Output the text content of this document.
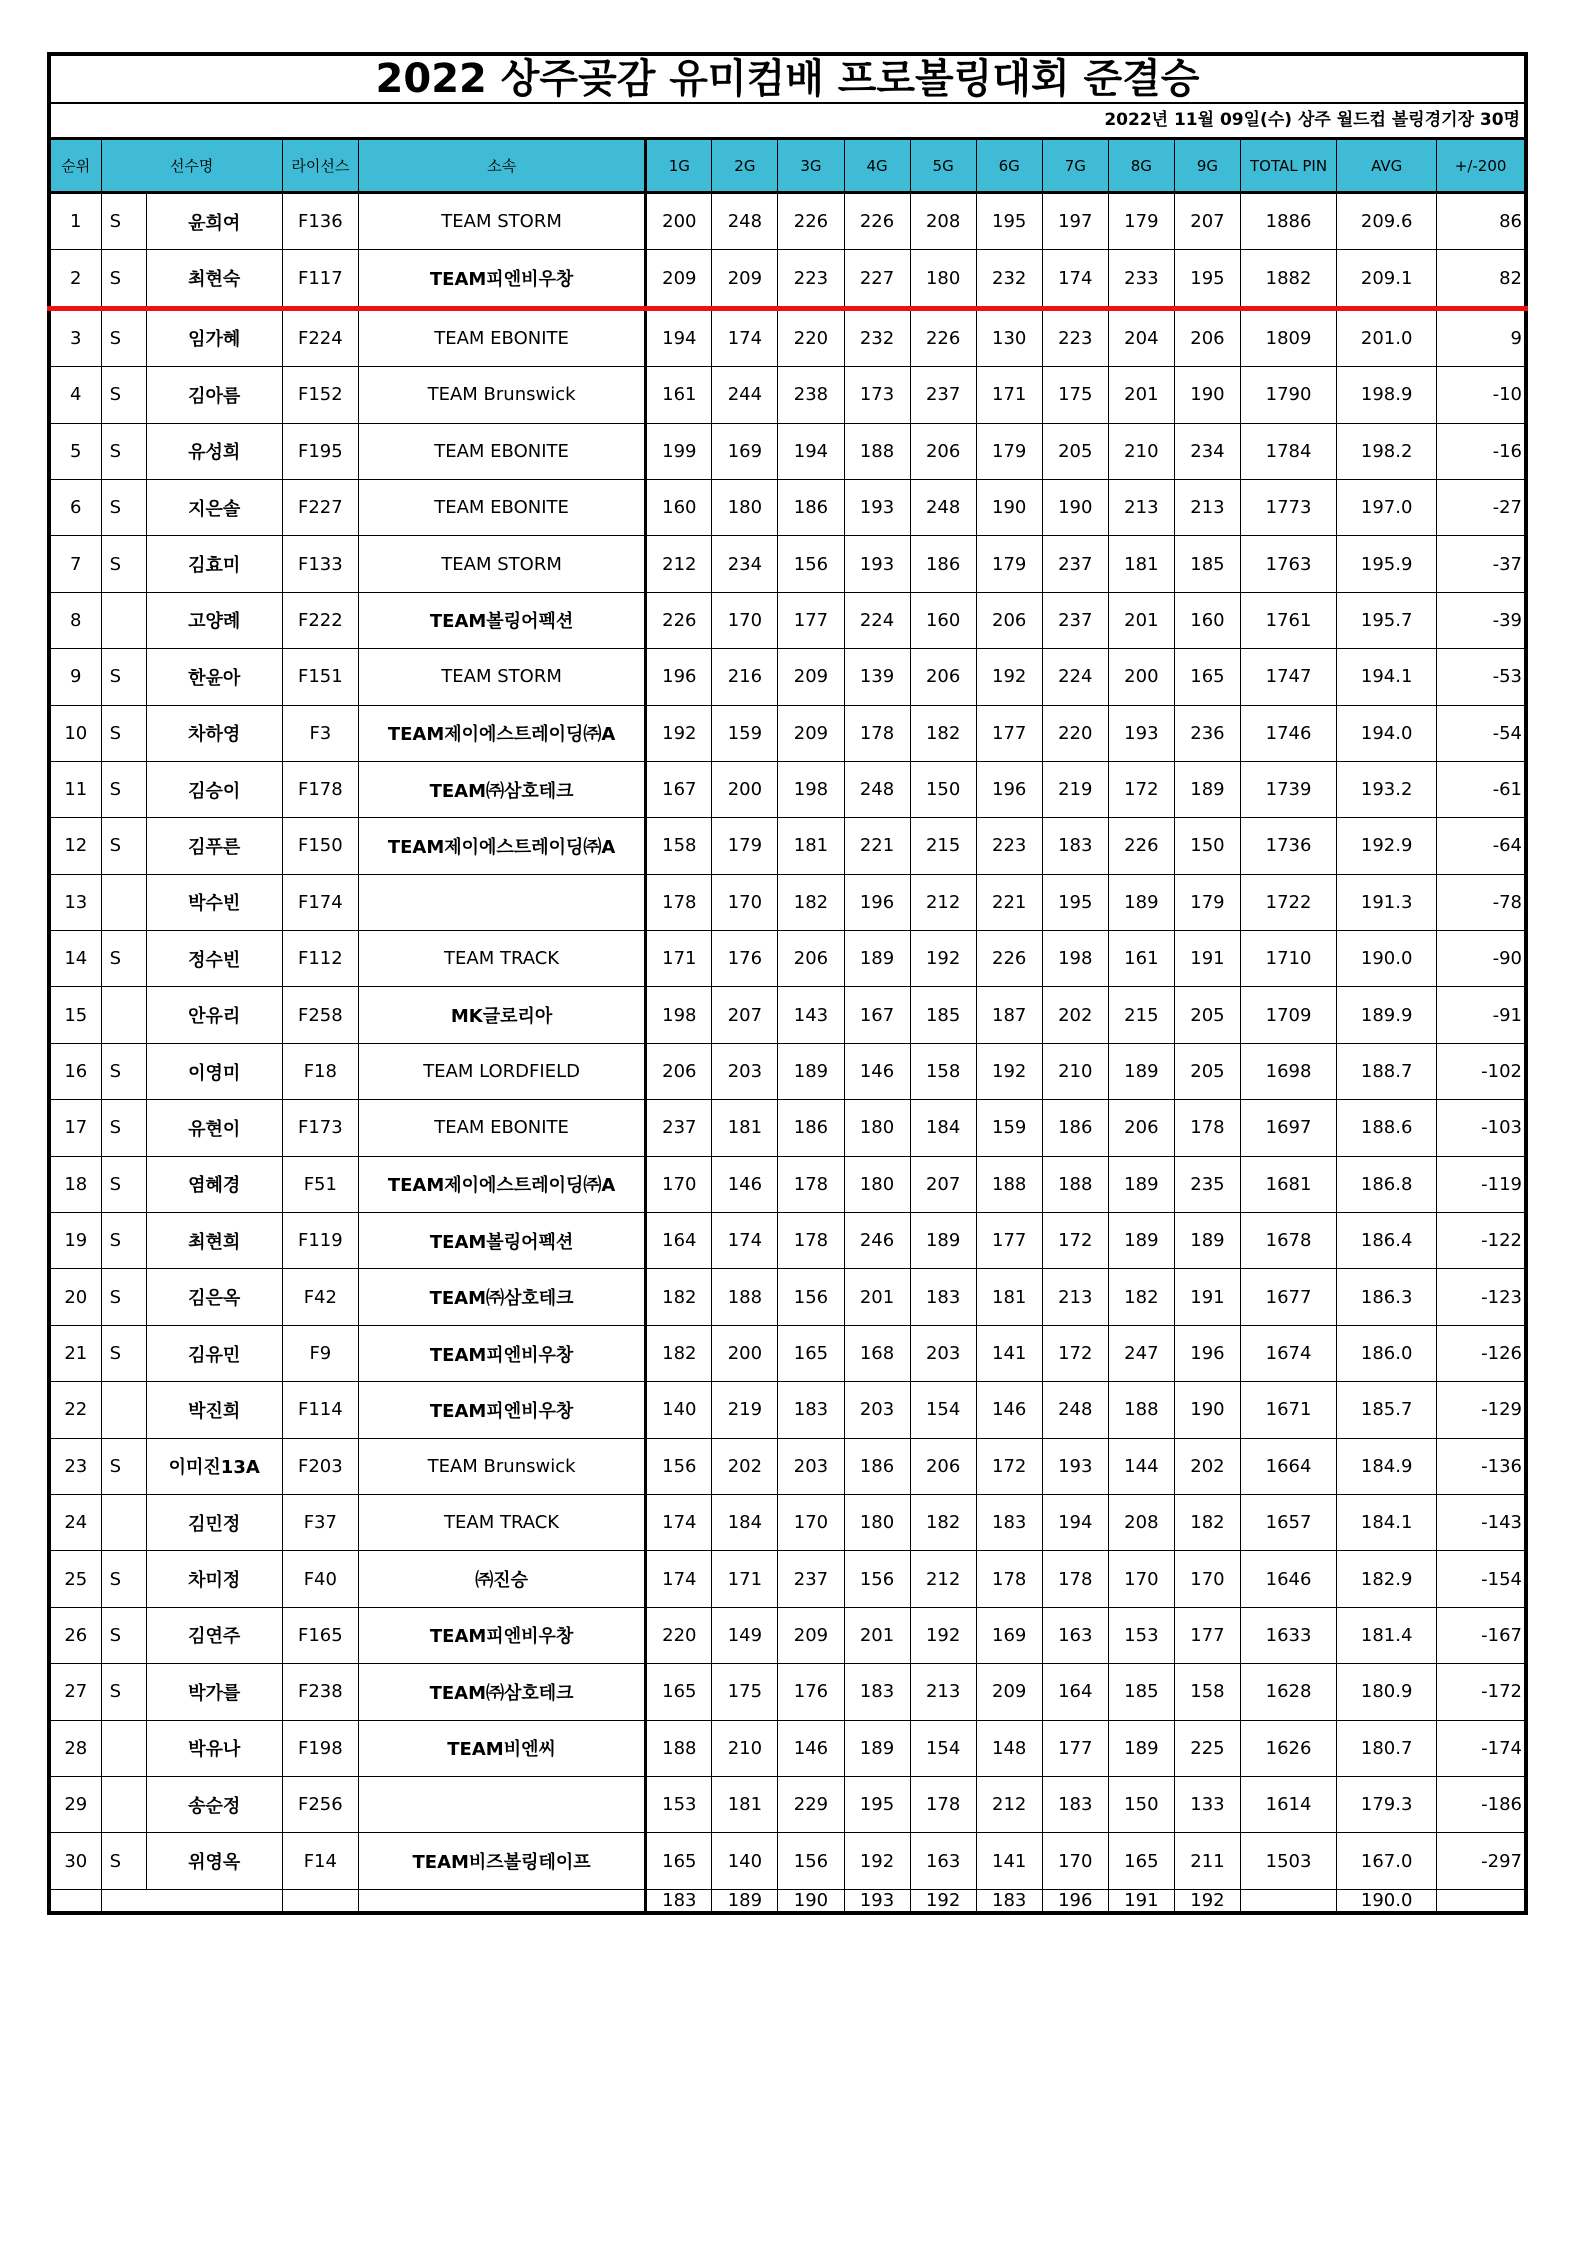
2022 상주곶감 유미컴배 프로볼링대회 준결승
2022년 11월 09일(수) 상주 월드컵 볼링경기장 30명
순위	선수명		라이선스	소속	1G	2G	3G	4G	5G	6G	7G	8G	9G	TOTAL PIN	AVG	+/-200
1	S	윤희여	F136	TEAM STORM	200	248	226	226	208	195	197	179	207	1886	209.6	86
2	S	최현숙	F117	TEAM피엔비우창	209	209	223	227	180	232	174	233	195	1882	209.1	82
3	S	임가혜	F224	TEAM EBONITE	194	174	220	232	226	130	223	204	206	1809	201.0	9
4	S	김아름	F152	TEAM Brunswick	161	244	238	173	237	171	175	201	190	1790	198.9	-10
5	S	유성희	F195	TEAM EBONITE	199	169	194	188	206	179	205	210	234	1784	198.2	-16
6	S	지은솔	F227	TEAM EBONITE	160	180	186	193	248	190	190	213	213	1773	197.0	-27
7	S	김효미	F133	TEAM STORM	212	234	156	193	186	179	237	181	185	1763	195.9	-37
8		고양례	F222	TEAM볼링어펙션	226	170	177	224	160	206	237	201	160	1761	195.7	-39
9	S	한윤아	F151	TEAM STORM	196	216	209	139	206	192	224	200	165	1747	194.1	-53
10	S	차하영	F3	TEAM제이에스트레이딩㈜A	192	159	209	178	182	177	220	193	236	1746	194.0	-54
11	S	김승이	F178	TEAM㈜삼호테크	167	200	198	248	150	196	219	172	189	1739	193.2	-61
12	S	김푸른	F150	TEAM제이에스트레이딩㈜A	158	179	181	221	215	223	183	226	150	1736	192.9	-64
13		박수빈	F174		178	170	182	196	212	221	195	189	179	1722	191.3	-78
14	S	정수빈	F112	TEAM TRACK	171	176	206	189	192	226	198	161	191	1710	190.0	-90
15		안유리	F258	MK글로리아	198	207	143	167	185	187	202	215	205	1709	189.9	-91
16	S	이영미	F18	TEAM LORDFIELD	206	203	189	146	158	192	210	189	205	1698	188.7	-102
17	S	유현이	F173	TEAM EBONITE	237	181	186	180	184	159	186	206	178	1697	188.6	-103
18	S	염혜경	F51	TEAM제이에스트레이딩㈜A	170	146	178	180	207	188	188	189	235	1681	186.8	-119
19	S	최현희	F119	TEAM볼링어펙션	164	174	178	246	189	177	172	189	189	1678	186.4	-122
20	S	김은옥	F42	TEAM㈜삼호테크	182	188	156	201	183	181	213	182	191	1677	186.3	-123
21	S	김유민	F9	TEAM피엔비우창	182	200	165	168	203	141	172	247	196	1674	186.0	-126
22		박진희	F114	TEAM피엔비우창	140	219	183	203	154	146	248	188	190	1671	185.7	-129
23	S	이미진13A	F203	TEAM Brunswick	156	202	203	186	206	172	193	144	202	1664	184.9	-136
24		김민정	F37	TEAM TRACK	174	184	170	180	182	183	194	208	182	1657	184.1	-143
25	S	차미정	F40	㈜진승	174	171	237	156	212	178	178	170	170	1646	182.9	-154
26	S	김연주	F165	TEAM피엔비우창	220	149	209	201	192	169	163	153	177	1633	181.4	-167
27	S	박가를	F238	TEAM㈜삼호테크	165	175	176	183	213	209	164	185	158	1628	180.9	-172
28		박유나	F198	TEAM비엔씨	188	210	146	189	154	148	177	189	225	1626	180.7	-174
29		송순정	F256		153	181	229	195	178	212	183	150	133	1614	179.3	-186
30	S	위영옥	F14	TEAM비즈볼링테이프	165	140	156	192	163	141	170	165	211	1503	167.0	-297
					183	189	190	193	192	183	196	191	192		190.0	
